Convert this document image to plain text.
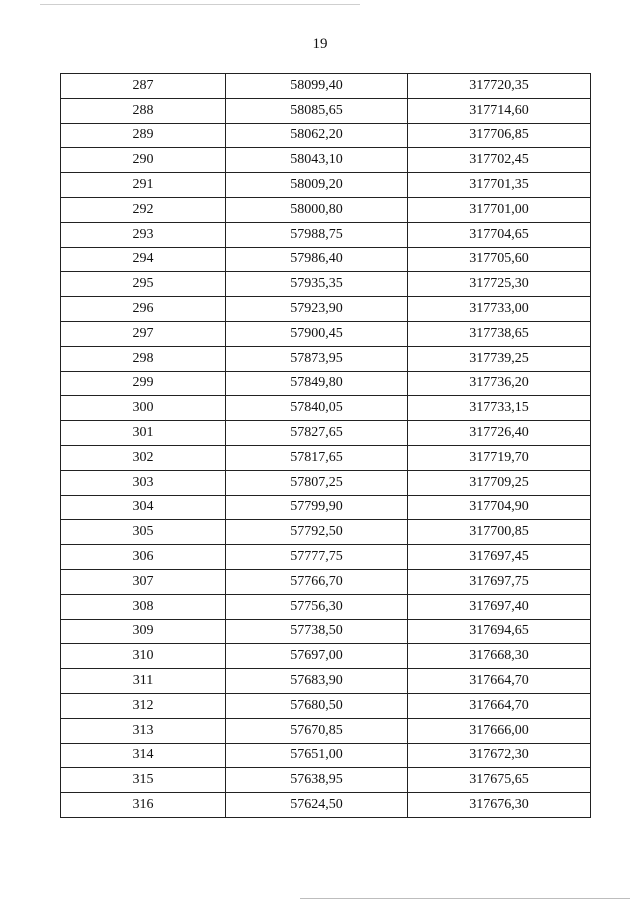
19
287	58099,40	317720,35
288	58085,65	317714,60
289	58062,20	317706,85
290	58043,10	317702,45
291	58009,20	317701,35
292	58000,80	317701,00
293	57988,75	317704,65
294	57986,40	317705,60
295	57935,35	317725,30
296	57923,90	317733,00
297	57900,45	317738,65
298	57873,95	317739,25
299	57849,80	317736,20
300	57840,05	317733,15
301	57827,65	317726,40
302	57817,65	317719,70
303	57807,25	317709,25
304	57799,90	317704,90
305	57792,50	317700,85
306	57777,75	317697,45
307	57766,70	317697,75
308	57756,30	317697,40
309	57738,50	317694,65
310	57697,00	317668,30
311	57683,90	317664,70
312	57680,50	317664,70
313	57670,85	317666,00
314	57651,00	317672,30
315	57638,95	317675,65
316	57624,50	317676,30
